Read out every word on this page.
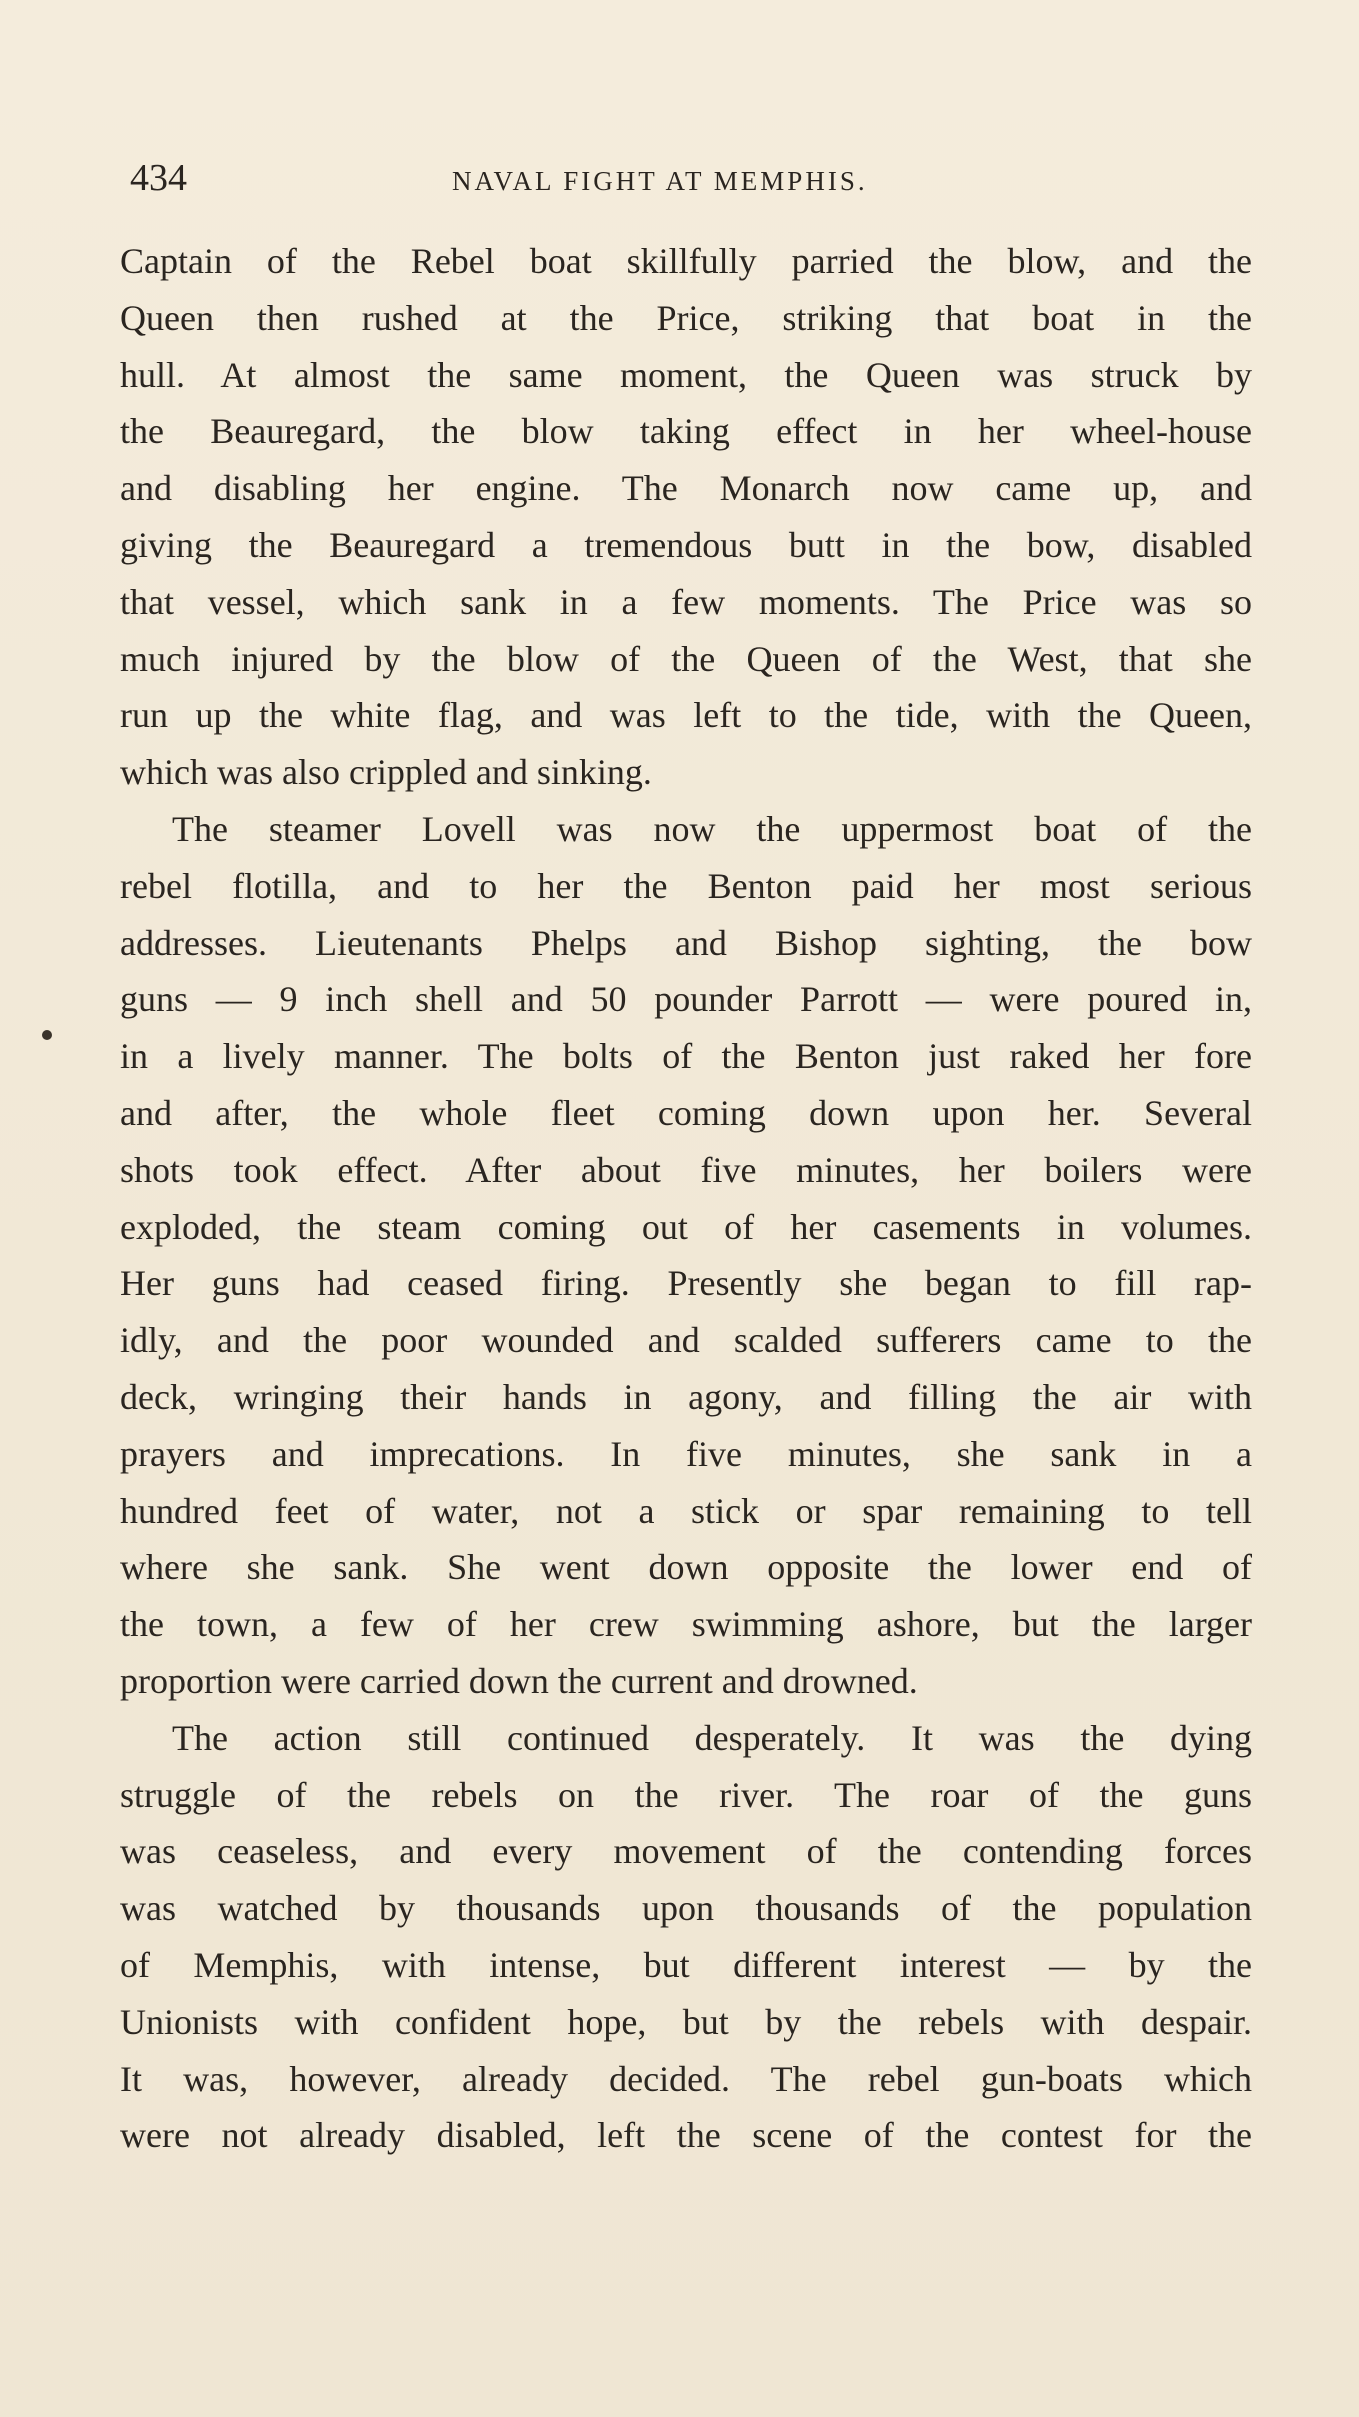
434	NAVAL FIGHT AT MEMPHIS.
Captain of the Rebel boat skillfully parried the blow, and the
Queen then rushed at the Price, striking that boat in the
hull. At almost the same moment, the Queen was struck by
the Beauregard, the blow taking effect in her wheel-house
and disabling her engine. The Monarch now came up, and
giving the Beauregard a tremendous butt in the bow, disabled
that vessel, which sank in a few moments. The Price was so
much injured by the blow of the Queen of the West, that she
run up the white flag, and was left to the tide, with the Queen,
which was also crippled and sinking.
The steamer Lovell was now the uppermost boat of the
rebel flotilla, and to her the Benton paid her most serious
addresses. Lieutenants Phelps and Bishop sighting, the bow
guns — 9 inch shell and 50 pounder Parrott — were poured in,
in a lively manner. The bolts of the Benton just raked her fore
and after, the whole fleet coming down upon her. Several
shots took effect. After about five minutes, her boilers were
exploded, the steam coming out of her casements in volumes.
Her guns had ceased firing. Presently she began to fill rap-
idly, and the poor wounded and scalded sufferers came to the
deck, wringing their hands in agony, and filling the air with
prayers and imprecations. In five minutes, she sank in a
hundred feet of water, not a stick or spar remaining to tell
where she sank. She went down opposite the lower end of
the town, a few of her crew swimming ashore, but the larger
proportion were carried down the current and drowned.
The action still continued desperately. It was the dying
struggle of the rebels on the river. The roar of the guns
was ceaseless, and every movement of the contending forces
was watched by thousands upon thousands of the population
of Memphis, with intense, but different interest — by the
Unionists with confident hope, but by the rebels with despair.
It was, however, already decided. The rebel gun-boats which
were not already disabled, left the scene of the contest for the
